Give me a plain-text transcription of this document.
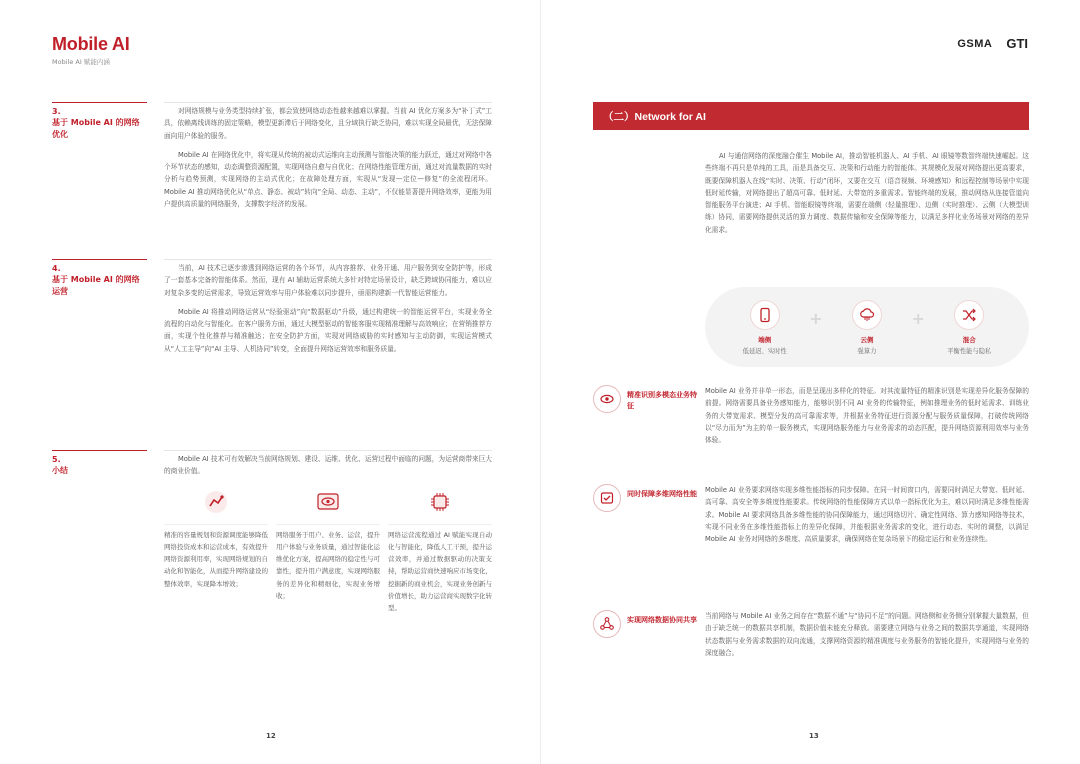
Mobile AI
Mobile AI 赋能内涵
3.
基于 Mobile AI 的网络优化

对网络规模与业务类型持续扩张，都会致使网络动态性越来越难以掌握。当前 AI 优化方案多为“补丁式”工具，依赖离线训练的固定策略，模型更新滞后于网络变化，且分域执行缺乏协同，难以实现全局最优，无法保障面向用户体验的服务。

Mobile AI 在网络优化中，将实现从传统的被动式运维向主动预测与智能决策的能力跃迁，通过对网络中各个环节状态的感知，动态调整资源配置，实现网络自愈与自优化；在网络性能管理方面，通过对流量数据的实时分析与趋势预测，实现网络的主动式优化；在故障处理方面，实现从“发现—定位—修复”的全流程闭环。Mobile AI 推动网络优化从“单点、静态、被动”转向“全局、动态、主动”，不仅能显著提升网络效率，更能为用户提供高质量的网络服务，支撑数字经济的发展。

4.
基于 Mobile AI 的网络运营

当前，AI 技术已逐步渗透到网络运营的各个环节，从内容推荐、业务开通、用户服务到安全防护等，形成了一套基本完备的智能体系。然而，现有 AI 辅助运营系统大多针对特定场景设计，缺乏跨域协同能力，难以应对复杂多变的运营需求，导致运营效率与用户体验难以同步提升，亟需构建新一代智能运营能力。

Mobile AI 将推动网络运营从“经验驱动”向“数据驱动”升级，通过构建统一的智能运营平台，实现业务全流程的自动化与智能化。在客户服务方面，通过大模型驱动的智能客服实现精准理解与高效响应；在营销推荐方面，实现个性化推荐与精准触达；在安全防护方面，实现对网络威胁的实时感知与主动防御，实现运营模式从“人工主导”向“AI 主导、人机协同”转变，全面提升网络运营效率和服务质量。

5.
小结

Mobile AI 技术可有效解决当前网络规划、建设、运维、优化、运营过程中面临的问题，为运营商带来巨大的商业价值。

精准的容量规划和资源调度能够降低网络投资成本和运营成本，有效提升网络资源利用率，实现网络规划的自动化和智能化，从而提升网络建设的整体效率，实现降本增效；
网络服务于用户、业务、运营，提升用户体验与业务质量，通过智能化运维优化方案，提高网络的稳定性与可靠性，提升用户满意度，实现网络服务的差异化和精细化，实现业务增收；
网络运营流程通过 AI 赋能实现自动化与智能化，降低人工干预，提升运营效率，并通过数据驱动的决策支持，帮助运营商快速响应市场变化，挖掘新的商业机会，实现业务创新与价值增长，助力运营商实现数字化转型。
12
GSMA GTI
（二）Network for AI

AI 与通信网络的深度融合催生 Mobile AI，推动智能机器人、AI 手机、AI 眼镜等数智终端快速崛起。这些终端不再只是单纯的工具，而是具备交互、决策和行动能力的智能体。其规模化发展对网络提出更高要求，既要保障机器人在线“实时、决策、行动”闭环，又要在交互（语音视频、环境感知）和远程控制等场景中实现低时延传输，对网络提出了超高可靠、低时延、大带宽的多重需求。智能终端的发展，推动网络从连接管道向智能服务平台演进；AI 手机、智能眼镜等终端，需要在端侧（轻量推理）、边侧（实时推理）、云侧（大模型训练）协同，需要网络提供灵活的算力调度、数据传输和安全保障等能力，以满足多样化业务场景对网络的差异化需求。

端侧
低延迟、实时性
+
云侧
强算力
+
混合
平衡性能与隐私
精准识别多模态业务特征

Mobile AI 业务并非单一形态，而是呈现出多样化的特征。对其流量特征的精准识别是实现差异化服务保障的前提。网络需要具备业务感知能力，能够识别不同 AI 业务的传输特征，例如推理业务的低时延需求、训练业务的大带宽需求、模型分发的高可靠需求等，并根据业务特征进行资源分配与服务质量保障，打破传统网络以“尽力而为”为主的单一服务模式，实现网络服务能力与业务需求的动态匹配，提升网络资源利用效率与业务体验。

同时保障多维网络性能 Mobile AI 业务要求网络实现多维性能指标的同步保障。在同一时间窗口内，需要同时满足大带宽、低时延、高可靠、高安全等多维度性能要求。传统网络的性能保障方式以单一指标优化为主，难以同时满足多维性能需求。Mobile AI 要求网络具备多维性能的协同保障能力，通过网络切片、确定性网络、算力感知网络等技术，实现不同业务在多维性能指标上的差异化保障，并能根据业务需求的变化，进行动态、实时的调整，以满足 Mobile AI 业务对网络的多维度、高质量要求，确保网络在复杂场景下的稳定运行和业务连续性。

实现网络数据协同共享 当前网络与 Mobile AI 业务之间存在“数据不通”与“协同不足”的问题。网络侧和业务侧分别掌握大量数据，但由于缺乏统一的数据共享机制，数据价值未能充分释放。需要建立网络与业务之间的数据共享通道，实现网络状态数据与业务需求数据的双向流通，支撑网络资源的精准调度与业务服务的智能化提升，实现网络与业务的深度融合。

13
